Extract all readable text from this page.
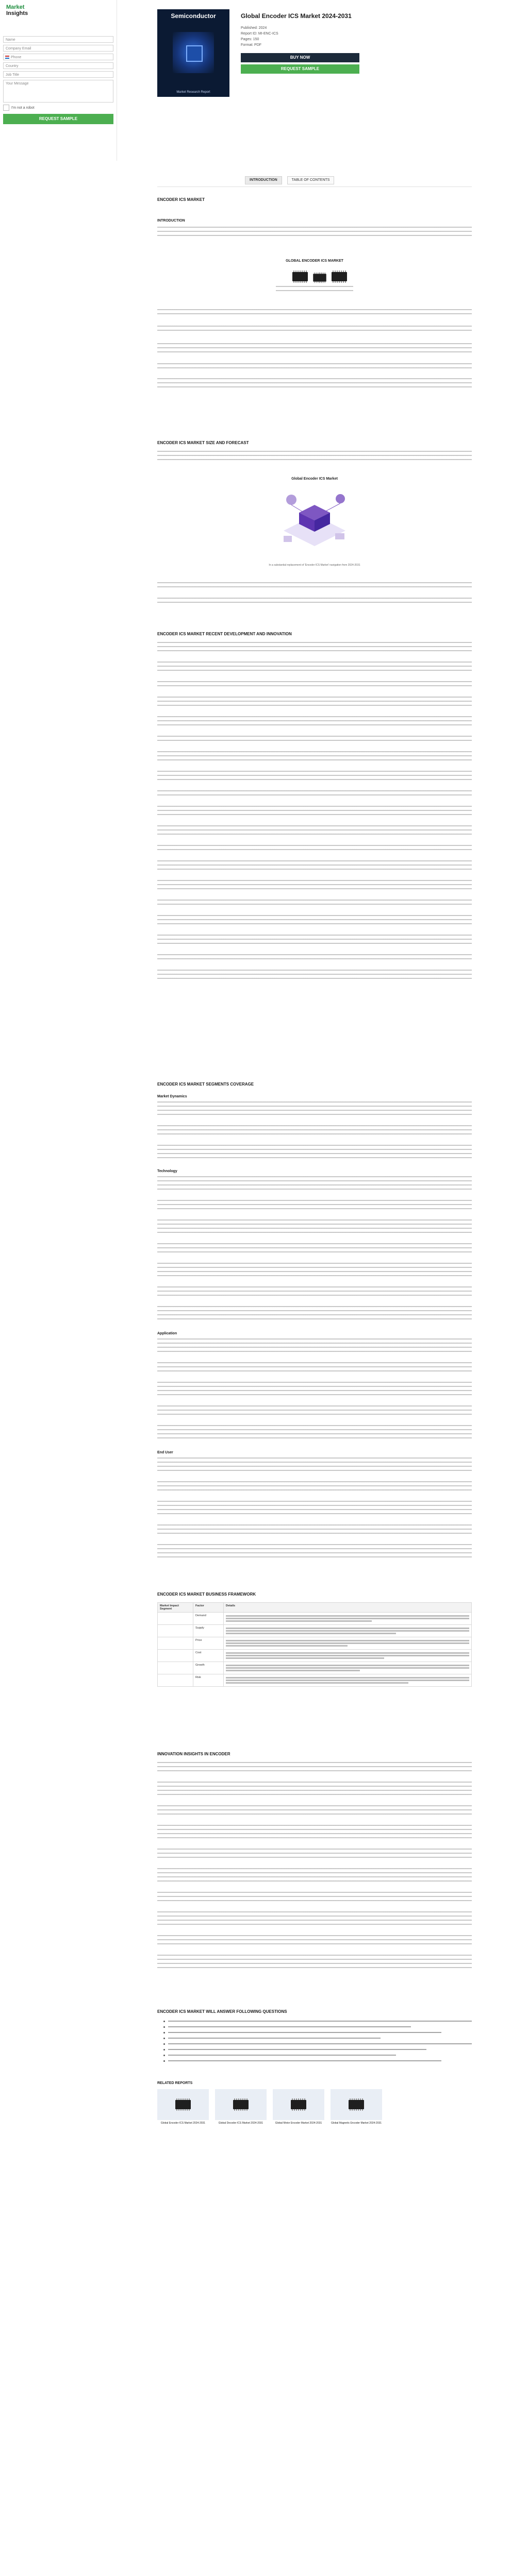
Market
Insights
Name
Company Email
Phone
Country
Job Title
Your Message
I'm not a robot
REQUEST SAMPLE
Semiconductor
Market Research Report
Global Encoder ICS Market 2024-2031
Published: 2024
Report ID: MI-ENC-ICS
Pages: 150
Format: PDF
BUY NOW
REQUEST SAMPLE
INTRODUCTION	TABLE OF CONTENTS
ENCODER ICS MARKET
INTRODUCTION
GLOBAL ENCODER ICS MARKET
ENCODER ICS MARKET SIZE AND FORECAST
Global Encoder ICS Market
In a substantial replacement of 'Encoder ICS Market' navigation from 2024-2031
ENCODER ICS MARKET RECENT DEVELOPMENT AND INNOVATION
ENCODER ICS MARKET SEGMENTS COVERAGE
Market Dynamics
Technology
Application
End User
ENCODER ICS MARKET BUSINESS FRAMEWORK
Market Impact Segment	Factor	Details
	Demand	

	Supply	

	Price	

	Cost	

	Growth	

	Risk	
INNOVATION INSIGHTS IN ENCODER
ENCODER ICS MARKET WILL ANSWER FOLLOWING QUESTIONS
RELATED REPORTS
Global Encoder ICS Market 2024-2031	Global Decoder ICS Market 2024-2031	Global Motor Encoder Market 2024-2031	Global Magnetic Encoder Market 2024-2031
